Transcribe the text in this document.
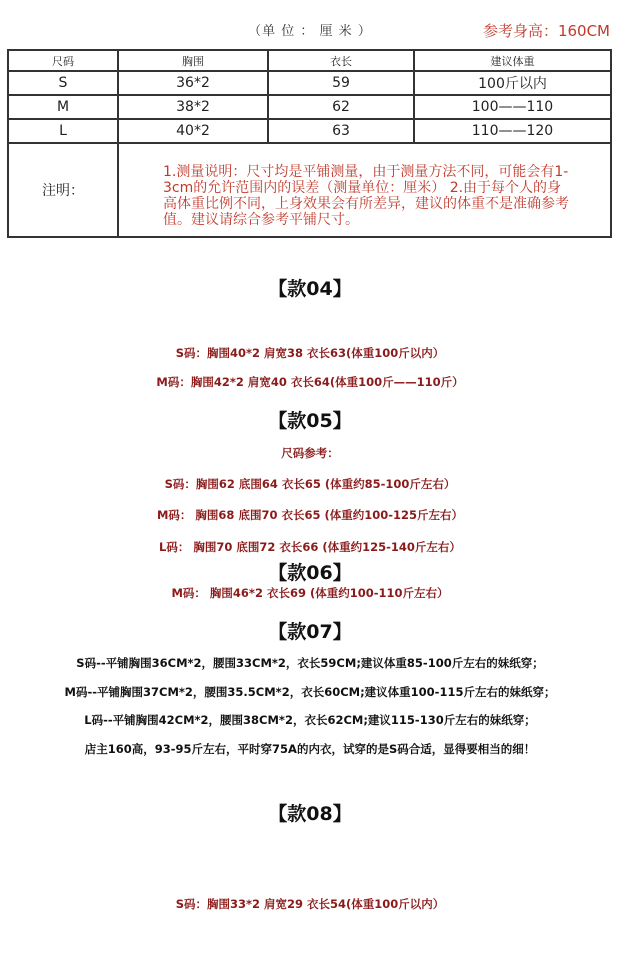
（单 位 ： 厘 米 ）	参考身高：160CM
尺码	胸围	衣长	建议体重
S	36*2	59	100斤以内
M	38*2	62	100——110
L	40*2	63	110——120
注明：	1.测量说明：尺寸均是平铺测量，由于测量方法不同，可能会有1-3cm的允许范围内的误差（测量单位：厘米） 2.由于每个人的身高体重比例不同，上身效果会有所差异，建议的体重不是准确参考值。建议请综合参考平铺尺寸。		
【款04】
S码：胸围40*2 肩宽38 衣长63(体重100斤以内）
M码：胸围42*2 肩宽40 衣长64(体重100斤——110斤）
【款05】
尺码参考：
S码：胸围62 底围64 衣长65 (体重约85-100斤左右）
M码： 胸围68 底围70 衣长65 (体重约100-125斤左右）
L码： 胸围70 底围72 衣长66 (体重约125-140斤左右）
【款06】
M码： 胸围46*2 衣长69 (体重约100-110斤左右）
【款07】
S码--平铺胸围36CM*2，腰围33CM*2，衣长59CM;建议体重85-100斤左右的妹纸穿；
M码--平铺胸围37CM*2，腰围35.5CM*2，衣长60CM;建议体重100-115斤左右的妹纸穿；
L码--平铺胸围42CM*2，腰围38CM*2，衣长62CM;建议115-130斤左右的妹纸穿；
店主160高，93-95斤左右，平时穿75A的内衣，试穿的是S码合适，显得要相当的细！
【款08】
S码：胸围33*2 肩宽29 衣长54(体重100斤以内）
